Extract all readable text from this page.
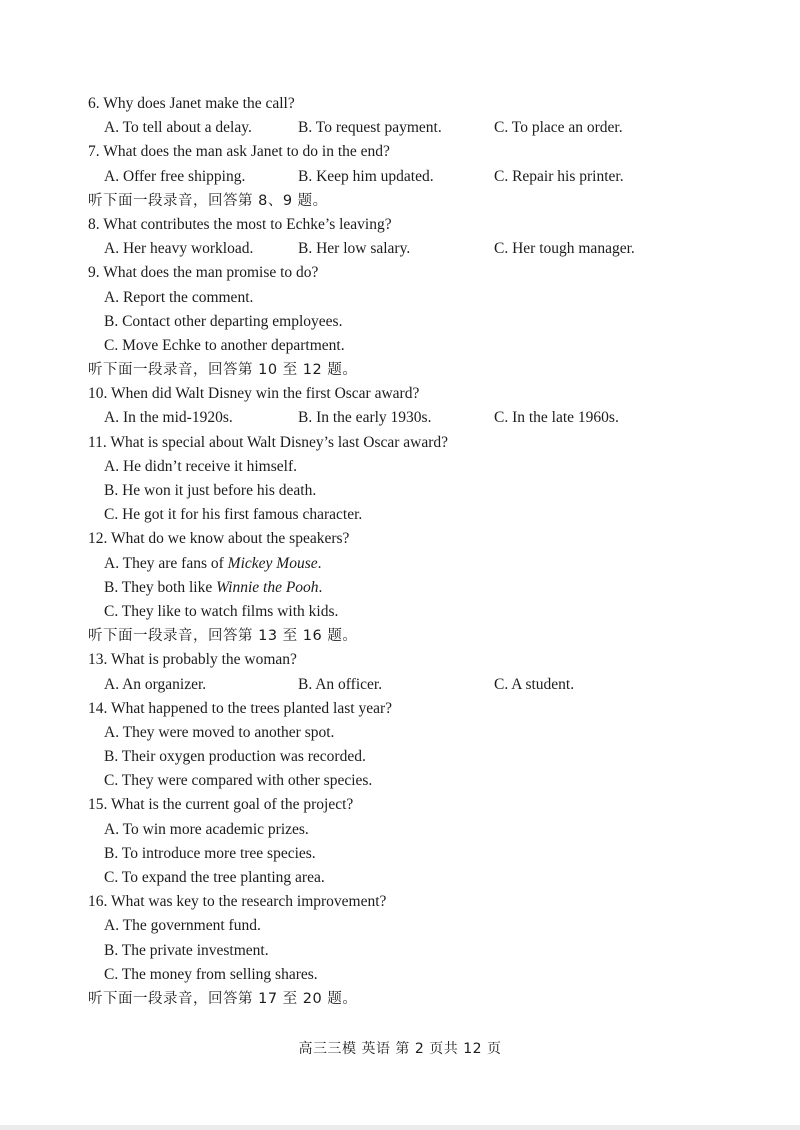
6. Why does Janet make the call?
A. To tell about a delay.	B. To request payment.	C. To place an order.
7. What does the man ask Janet to do in the end?
A. Offer free shipping.	B. Keep him updated.	C. Repair his printer.
听下面一段录音，回答第 8、9 题。
8. What contributes the most to Echke’s leaving?
A. Her heavy workload.	B. Her low salary.	C. Her tough manager.
9. What does the man promise to do?
A. Report the comment.
B. Contact other departing employees.
C. Move Echke to another department.
听下面一段录音，回答第 10 至 12 题。
10. When did Walt Disney win the first Oscar award?
A. In the mid-1920s.	B. In the early 1930s.	C. In the late 1960s.
11. What is special about Walt Disney’s last Oscar award?
A. He didn’t receive it himself.
B. He won it just before his death.
C. He got it for his first famous character.
12. What do we know about the speakers?
A. They are fans of Mickey Mouse.
B. They both like Winnie the Pooh.
C. They like to watch films with kids.
听下面一段录音，回答第 13 至 16 题。
13. What is probably the woman?
A. An organizer.	B. An officer.	C. A student.
14. What happened to the trees planted last year?
A. They were moved to another spot.
B. Their oxygen production was recorded.
C. They were compared with other species.
15. What is the current goal of the project?
A. To win more academic prizes.
B. To introduce more tree species.
C. To expand the tree planting area.
16. What was key to the research improvement?
A. The government fund.
B. The private investment.
C. The money from selling shares.
听下面一段录音，回答第 17 至 20 题。
高三三模 英语 第 2 页共 12 页
